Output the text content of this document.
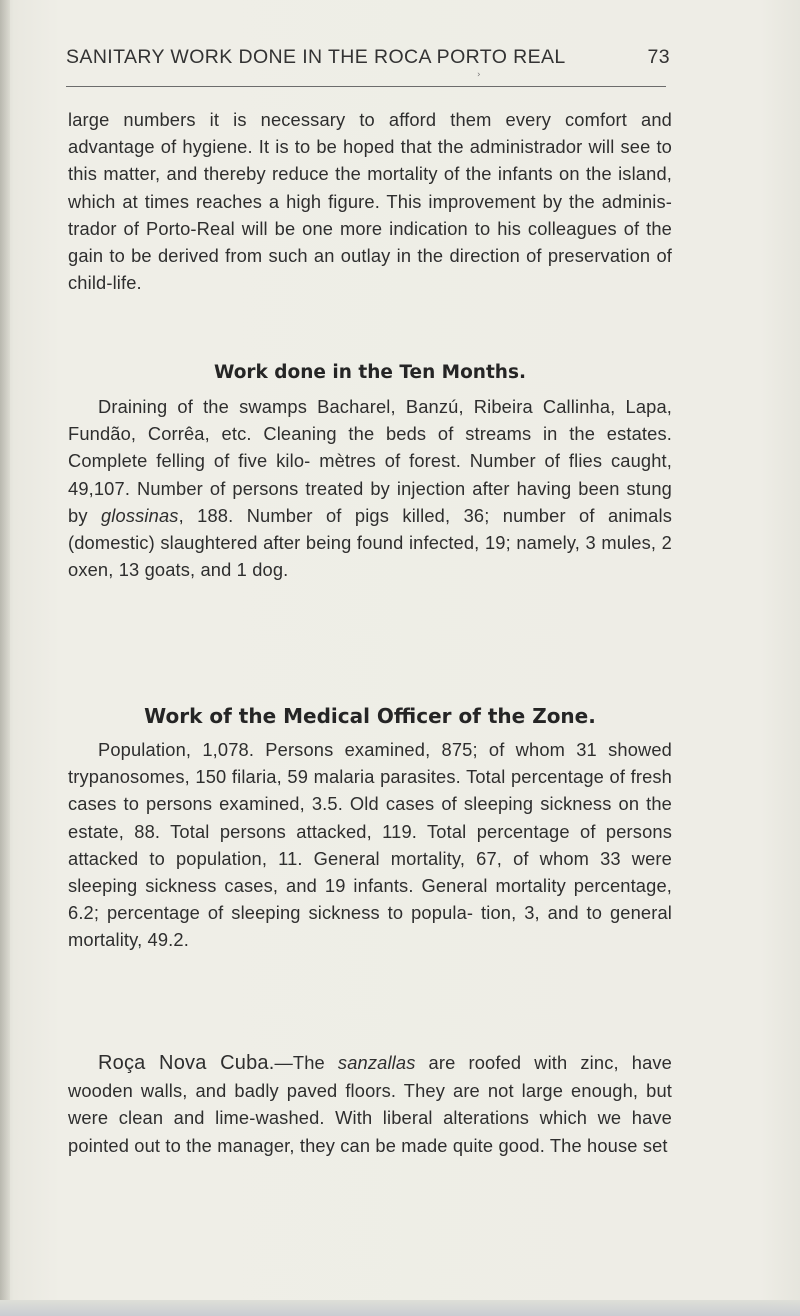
SANITARY WORK DONE IN THE ROCA PORTO REAL	73
›

large numbers it is necessary to afford them every comfort and advantage of hygiene. It is to be hoped that the administrador will see to this matter, and thereby reduce the mortality of the infants on the island, which at times reaches a high figure. This improvement by the adminis- trador of Porto-Real will be one more indication to his colleagues of the gain to be derived from such an outlay in the direction of preservation of child-life.

Work done in the Ten Months.

Draining of the swamps Bacharel, Banzú, Ribeira Callinha, Lapa, Fundão, Corrêa, etc. Cleaning the beds of streams in the estates. Complete felling of five kilo- mètres of forest. Number of flies caught, 49,107. Number of persons treated by injection after having been stung by glossinas, 188. Number of pigs killed, 36; number of animals (domestic) slaughtered after being found infected, 19; namely, 3 mules, 2 oxen, 13 goats, and 1 dog.

Work of the Medical Officer of the Zone.

Population, 1,078. Persons examined, 875; of whom 31 showed trypanosomes, 150 filaria, 59 malaria parasites. Total percentage of fresh cases to persons examined, 3.5. Old cases of sleeping sickness on the estate, 88. Total persons attacked, 119. Total percentage of persons attacked to population, 11. General mortality, 67, of whom 33 were sleeping sickness cases, and 19 infants. General mortality percentage, 6.2; percentage of sleeping sickness to popula- tion, 3, and to general mortality, 49.2.

Roça Nova Cuba.—The sanzallas are roofed with zinc, have wooden walls, and badly paved floors. They are not large enough, but were clean and lime-washed. With liberal alterations which we have pointed out to the manager, they can be made quite good. The house set
